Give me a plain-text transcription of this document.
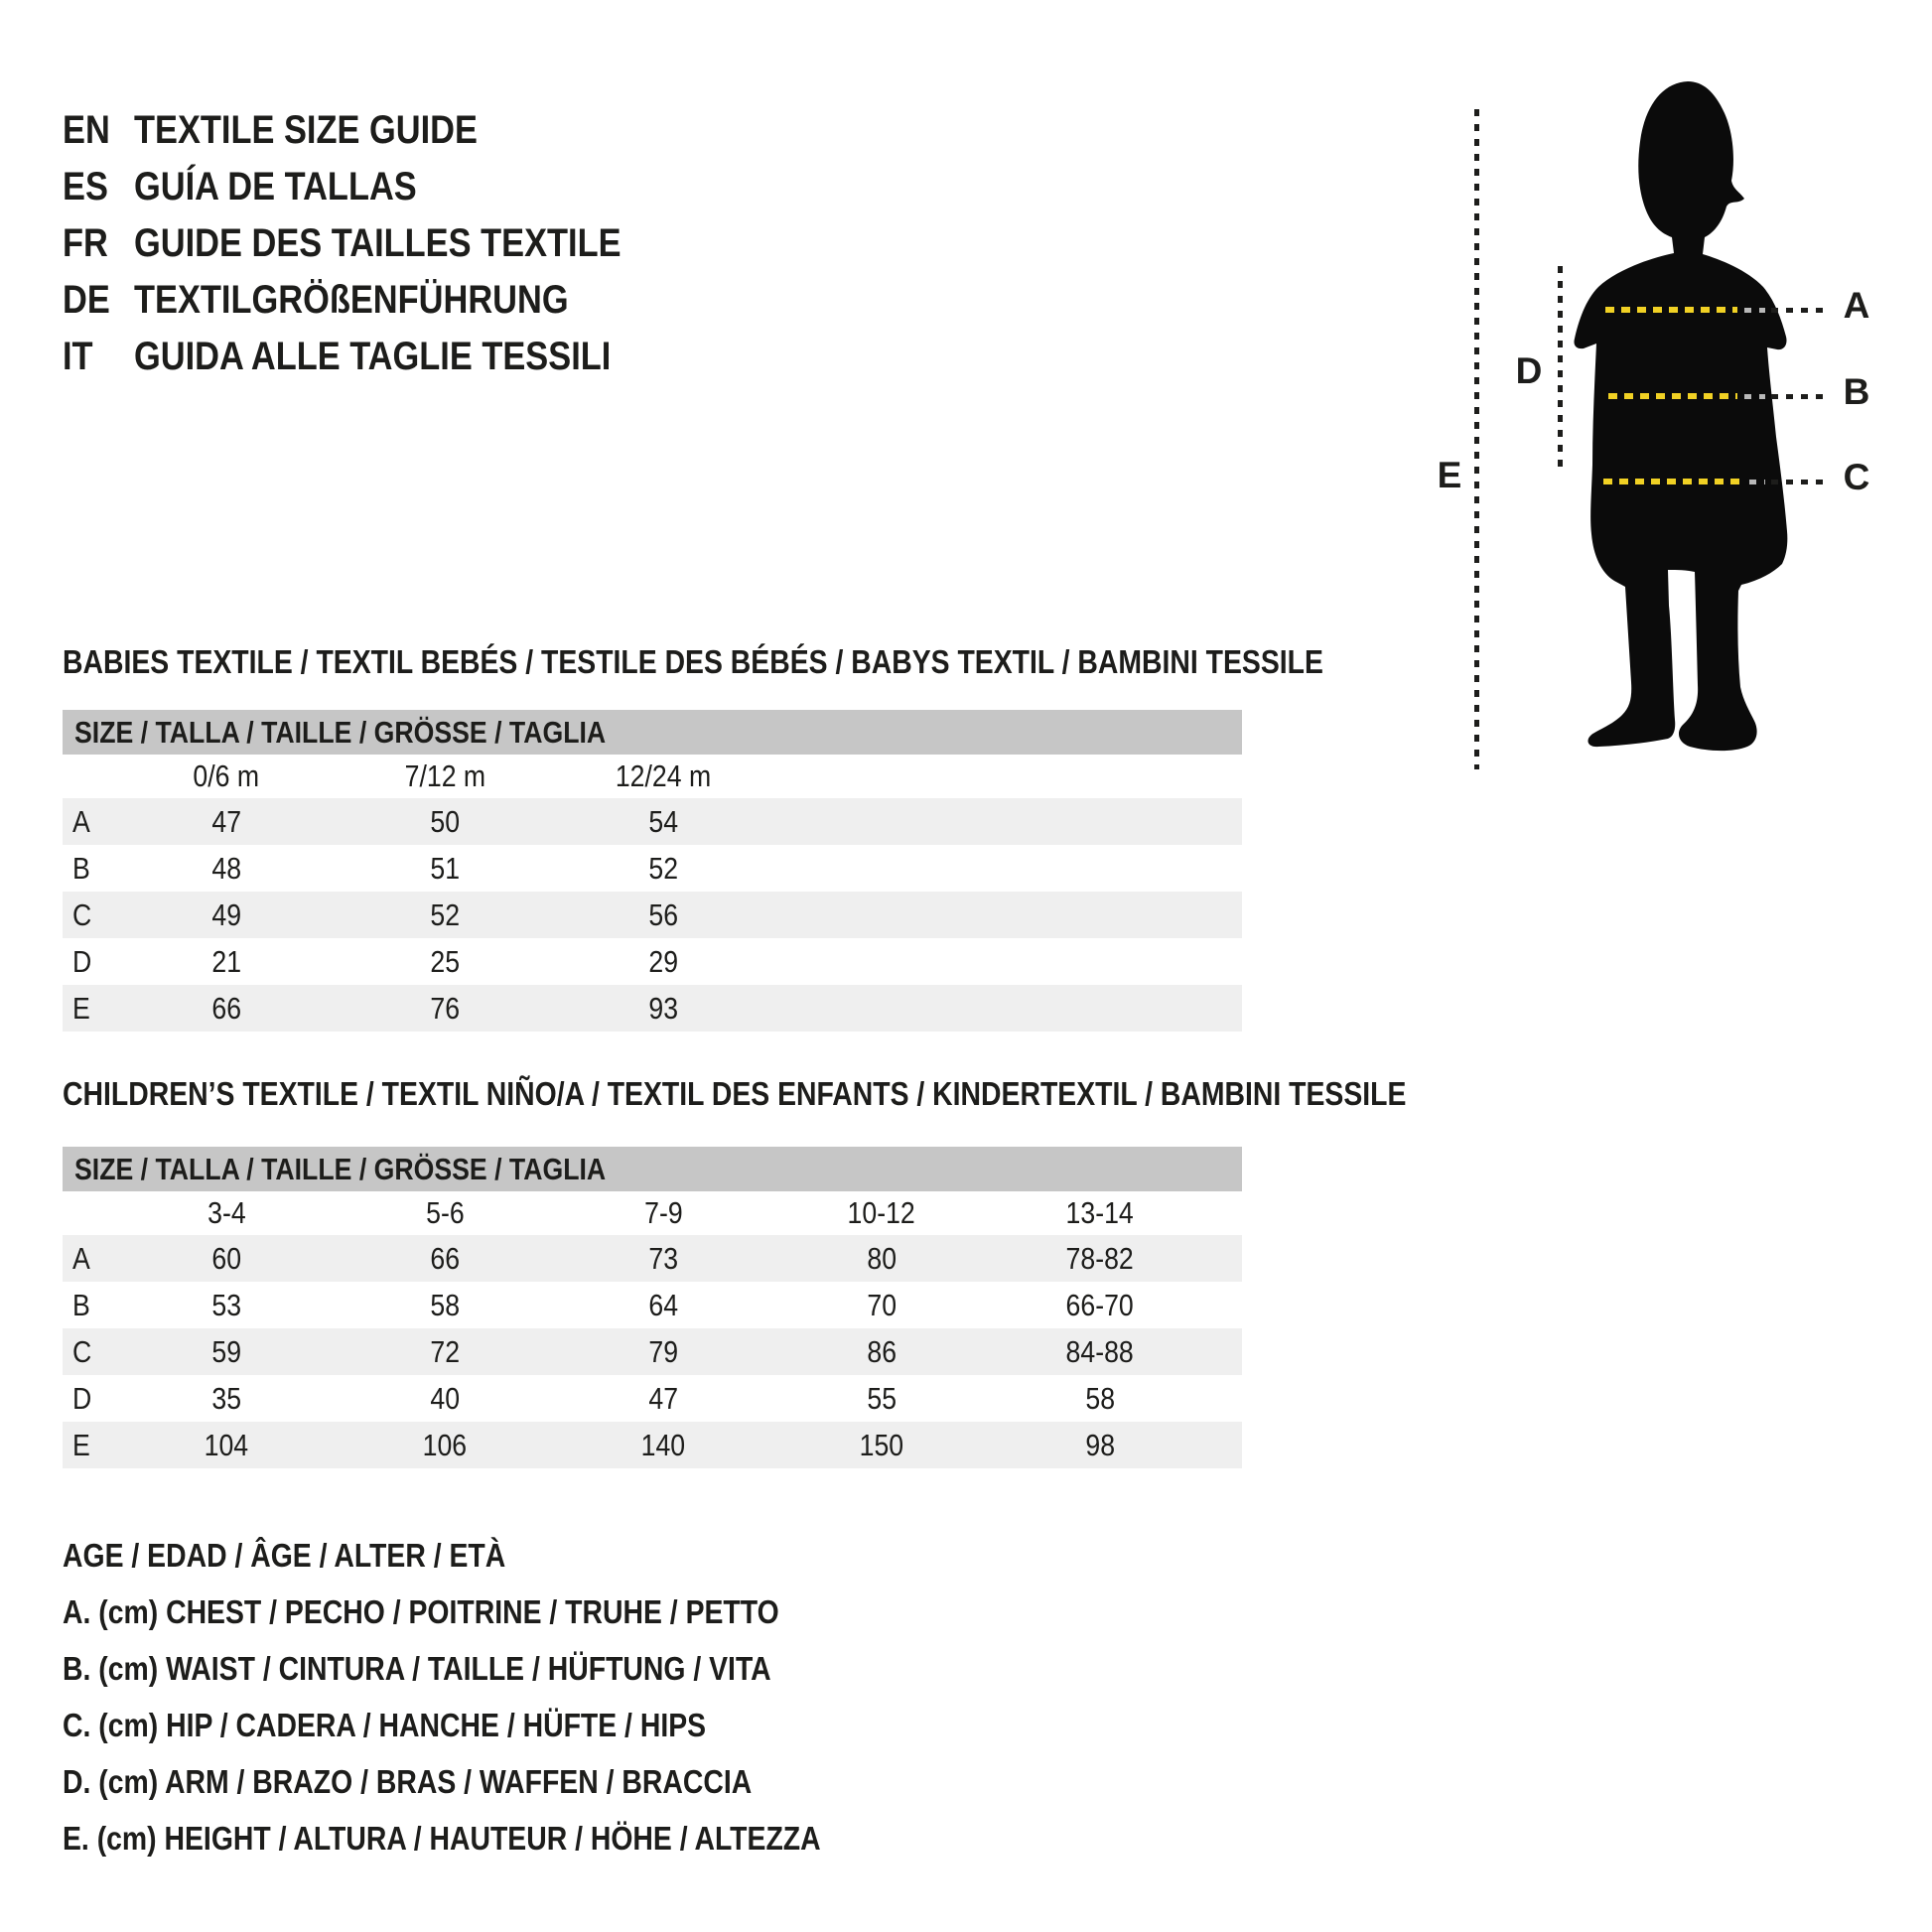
EN TEXTILE SIZE GUIDE
ES GUÍA DE TALLAS
FR GUIDE DES TAILLES TEXTILE
DE TEXTILGRÖßENFÜHRUNG
IT	GUIDA ALLE TAGLIE TESSILI
E
D
A
B
C
BABIES TEXTILE / TEXTIL BEBÉS / TESTILE DES BÉBÉS / BABYS TEXTIL / BAMBINI TESSILE
SIZE / TALLA / TAILLE / GRÖSSE / TAGLIA
0/6 m	7/12 m	12/24 m
A	47	50	54
B	48	51	52
C	49	52	56
D	21	25	29
E	66	76	93
CHILDREN’S TEXTILE / TEXTIL NIÑO/A / TEXTIL DES ENFANTS / KINDERTEXTIL / BAMBINI TESSILE
SIZE / TALLA / TAILLE / GRÖSSE / TAGLIA
3-4	5-6	7-9	10-12	13-14
A	60	66	73	80	78-82
B	53	58	64	70	66-70
C	59	72	79	86	84-88
D	35	40	47	55	58
E	104	106	140	150	98
AGE / EDAD / ÂGE / ALTER / ETÀ
A. (cm) CHEST / PECHO / POITRINE / TRUHE / PETTO
B. (cm) WAIST / CINTURA / TAILLE / HÜFTUNG / VITA
C. (cm) HIP / CADERA / HANCHE / HÜFTE / HIPS
D. (cm) ARM / BRAZO / BRAS / WAFFEN / BRACCIA
E. (cm) HEIGHT / ALTURA / HAUTEUR / HÖHE / ALTEZZA
